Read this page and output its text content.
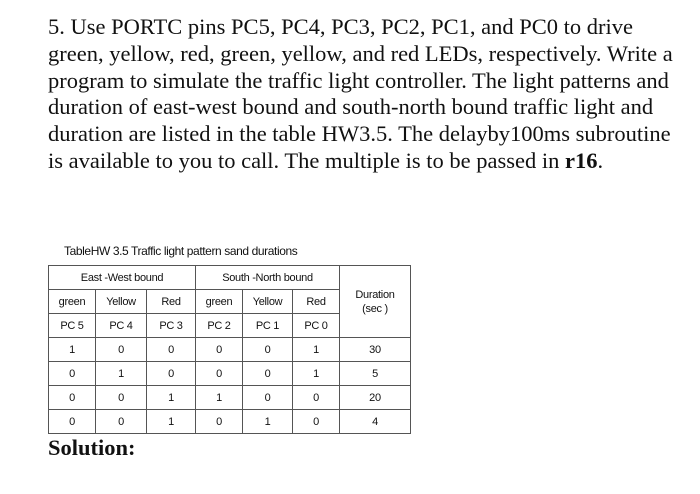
5. Use PORTC pins PC5, PC4, PC3, PC2, PC1, and PC0 to drive green, yellow, red, green, yellow, and red LEDs, respectively. Write a program to simulate the traffic light controller. The light patterns and duration of east-west bound and south-north bound traffic light and duration are listed in the table HW3.5. The delayby100ms subroutine is available to you to call. The multiple is to be passed in r16.

TableHW 3.5 Traffic light pattern sand durations
East -West bound			South -North bound			Duration
(sec )

green	Yellow	Red	green	Yellow	Red	
PC 5	PC 4	PC 3	PC 2	PC 1	PC 0	
1	0	0	0	0	1	30
0	1	0	0	0	1	5
0	0	1	1	0	0	20
0	0	1	0	1	0	4
Solution:
